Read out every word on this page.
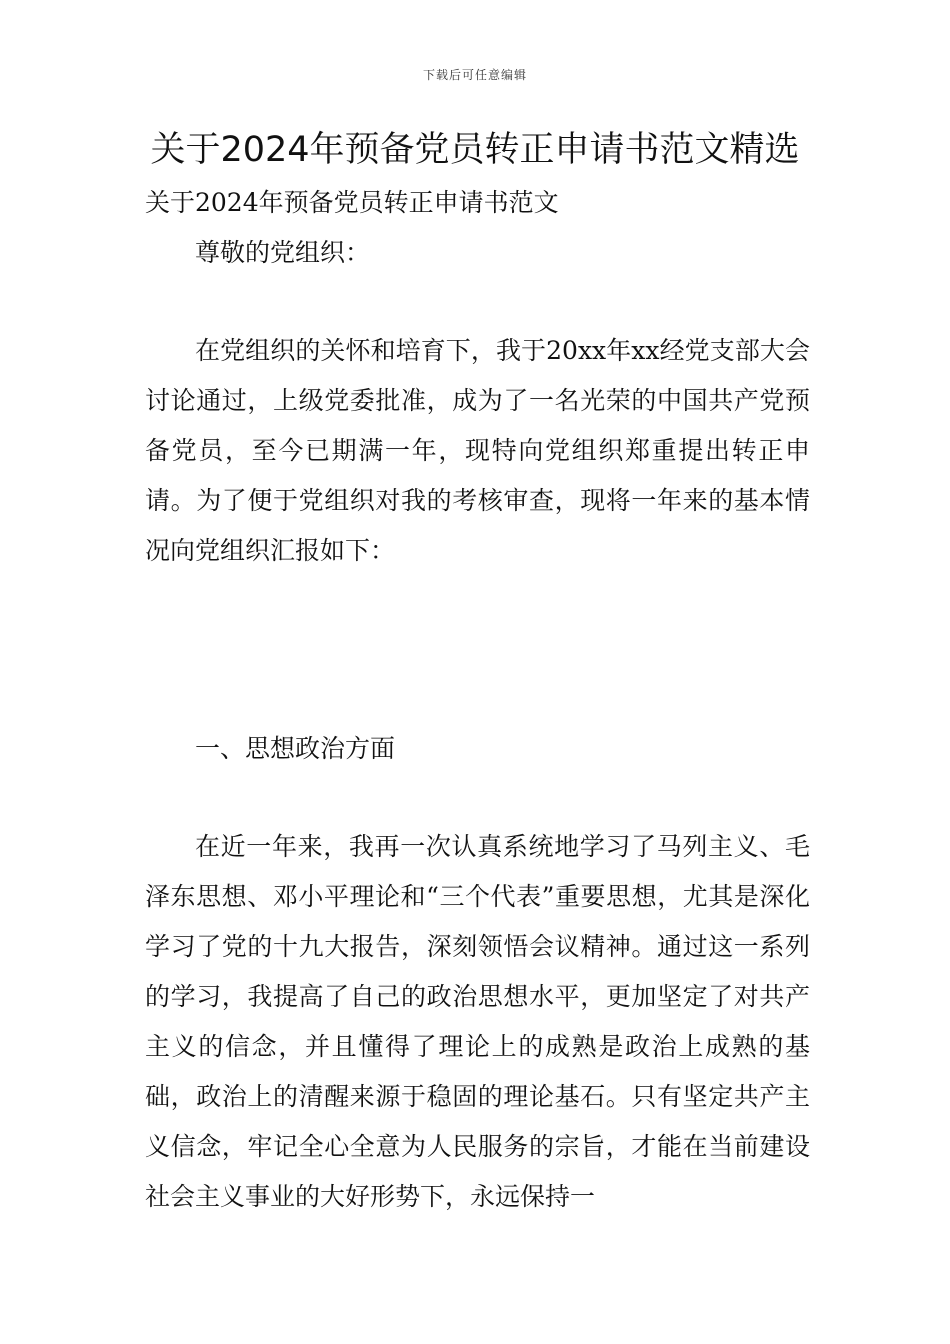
下载后可任意编辑
关于2024年预备党员转正申请书范文精选

关于2024年预备党员转正申请书范文

尊敬的党组织：

在党组织的关怀和培育下，我于20xx年xx经党支部大会讨论通过，上级党委批准，成为了一名光荣的中国共产党预备党员，至今已期满一年，现特向党组织郑重提出转正申请。为了便于党组织对我的考核审查，现将一年来的基本情况向党组织汇报如下：

一、思想政治方面

在近一年来，我再一次认真系统地学习了马列主义、毛泽东思想、邓小平理论和“三个代表”重要思想，尤其是深化学习了党的十九大报告，深刻领悟会议精神。通过这一系列的学习，我提高了自己的政治思想水平，更加坚定了对共产主义的信念，并且懂得了理论上的成熟是政治上成熟的基础，政治上的清醒来源于稳固的理论基石。只有坚定共产主义信念，牢记全心全意为人民服务的宗旨，才能在当前建设社会主义事业的大好形势下，永远保持一
